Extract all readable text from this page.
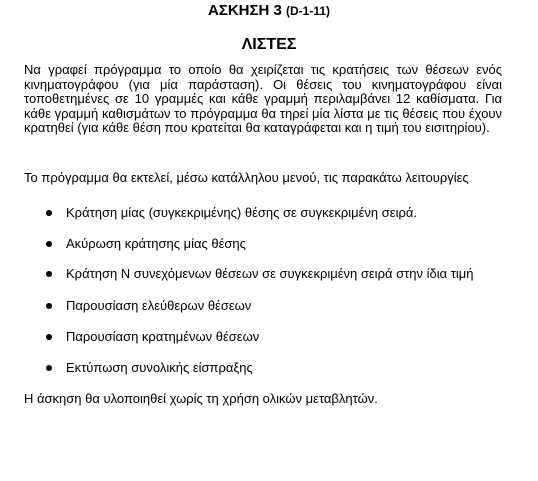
ΑΣΚΗΣΗ 3 (D-1-11)
ΛΙΣΤΕΣ

Να γραφεί πρόγραμμα το οποίο θα χειρίζεται τις κρατήσεις των θέσεων ενός κινηματογράφου (για μία παράσταση). Οι θέσεις του κινηματογράφου είναι τοποθετημένες σε 10 γραμμές και κάθε γραμμή περιλαμβάνει 12 καθίσματα. Για κάθε γραμμή καθισμάτων το πρόγραμμα θα τηρεί μία λίστα με τις θέσεις που έχουν κρατηθεί (για κάθε θέση που κρατείται θα καταγράφεται και η τιμή του εισιτηρίου).

Το πρόγραμμα θα εκτελεί, μέσω κατάλληλου μενού, τις παρακάτω λειτουργίες

Κράτηση μίας (συγκεκριμένης) θέσης σε συγκεκριμένη σειρά.
Ακύρωση κράτησης μίας θέσης
Κράτηση Ν συνεχόμενων θέσεων σε συγκεκριμένη σειρά στην ίδια τιμή
Παρουσίαση ελεύθερων θέσεων
Παρουσίαση κρατημένων θέσεων
Εκτύπωση συνολικής είσπραξης

Η άσκηση θα υλοποιηθεί χωρίς τη χρήση ολικών μεταβλητών.
